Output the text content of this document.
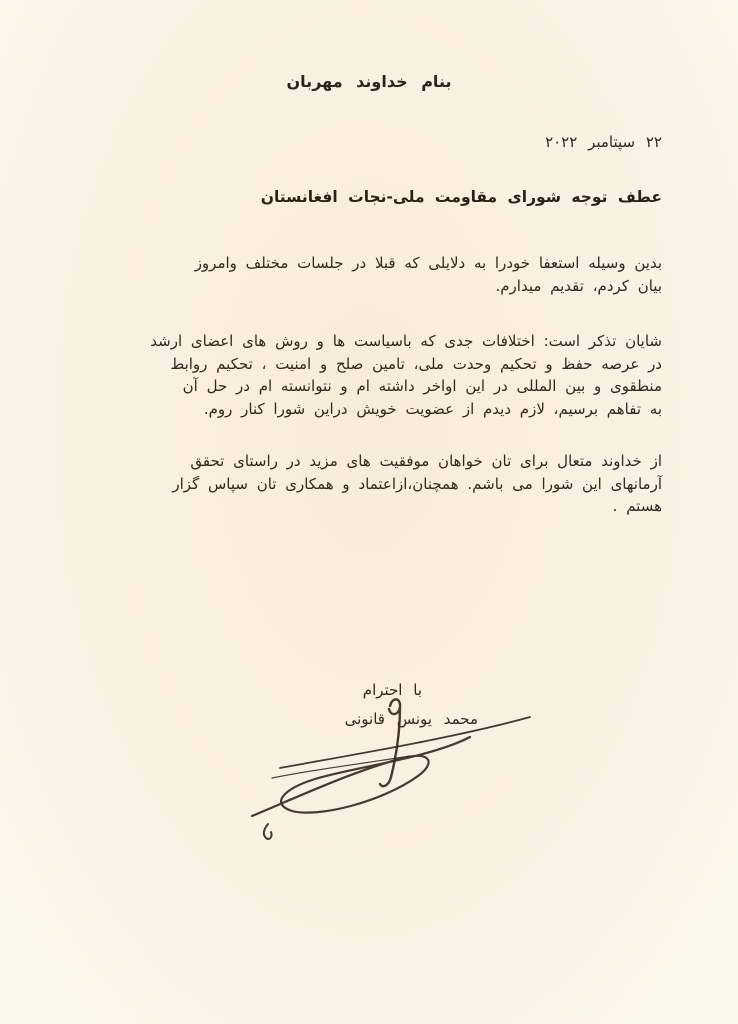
بنام خداوند مهربان
٢٢ سپتامبر ٢٠٢٢
عطف توجه شورای مقاومت ملی-نجات افغانستان
بدین وسیله استعفا خودرا به دلایلی که قبلا در جلسات مختلف وامروز
بیان کردم، تقدیم میدارم.
شایان تذکر است: اختلافات جدی که باسیاست ها و روش های اعضای ارشد
در عرصه حفظ و تحکیم وحدت ملی، تامین صلح و امنیت ، تحکیم روابط
منطقوی و بین المللی در این اواخر داشته ام و نتوانسته ام در حل آن
به تفاهم برسیم، لازم دیدم از عضویت خویش دراین شورا کنار روم.
از خداوند متعال برای تان خواهان موفقیت های مزید در راستای تحقق
آرمانهای این شورا می باشم. همچنان،ازاعتماد و همکاری تان سپاس گزار
هستم .
با احترام
محمد یونس قانونی
